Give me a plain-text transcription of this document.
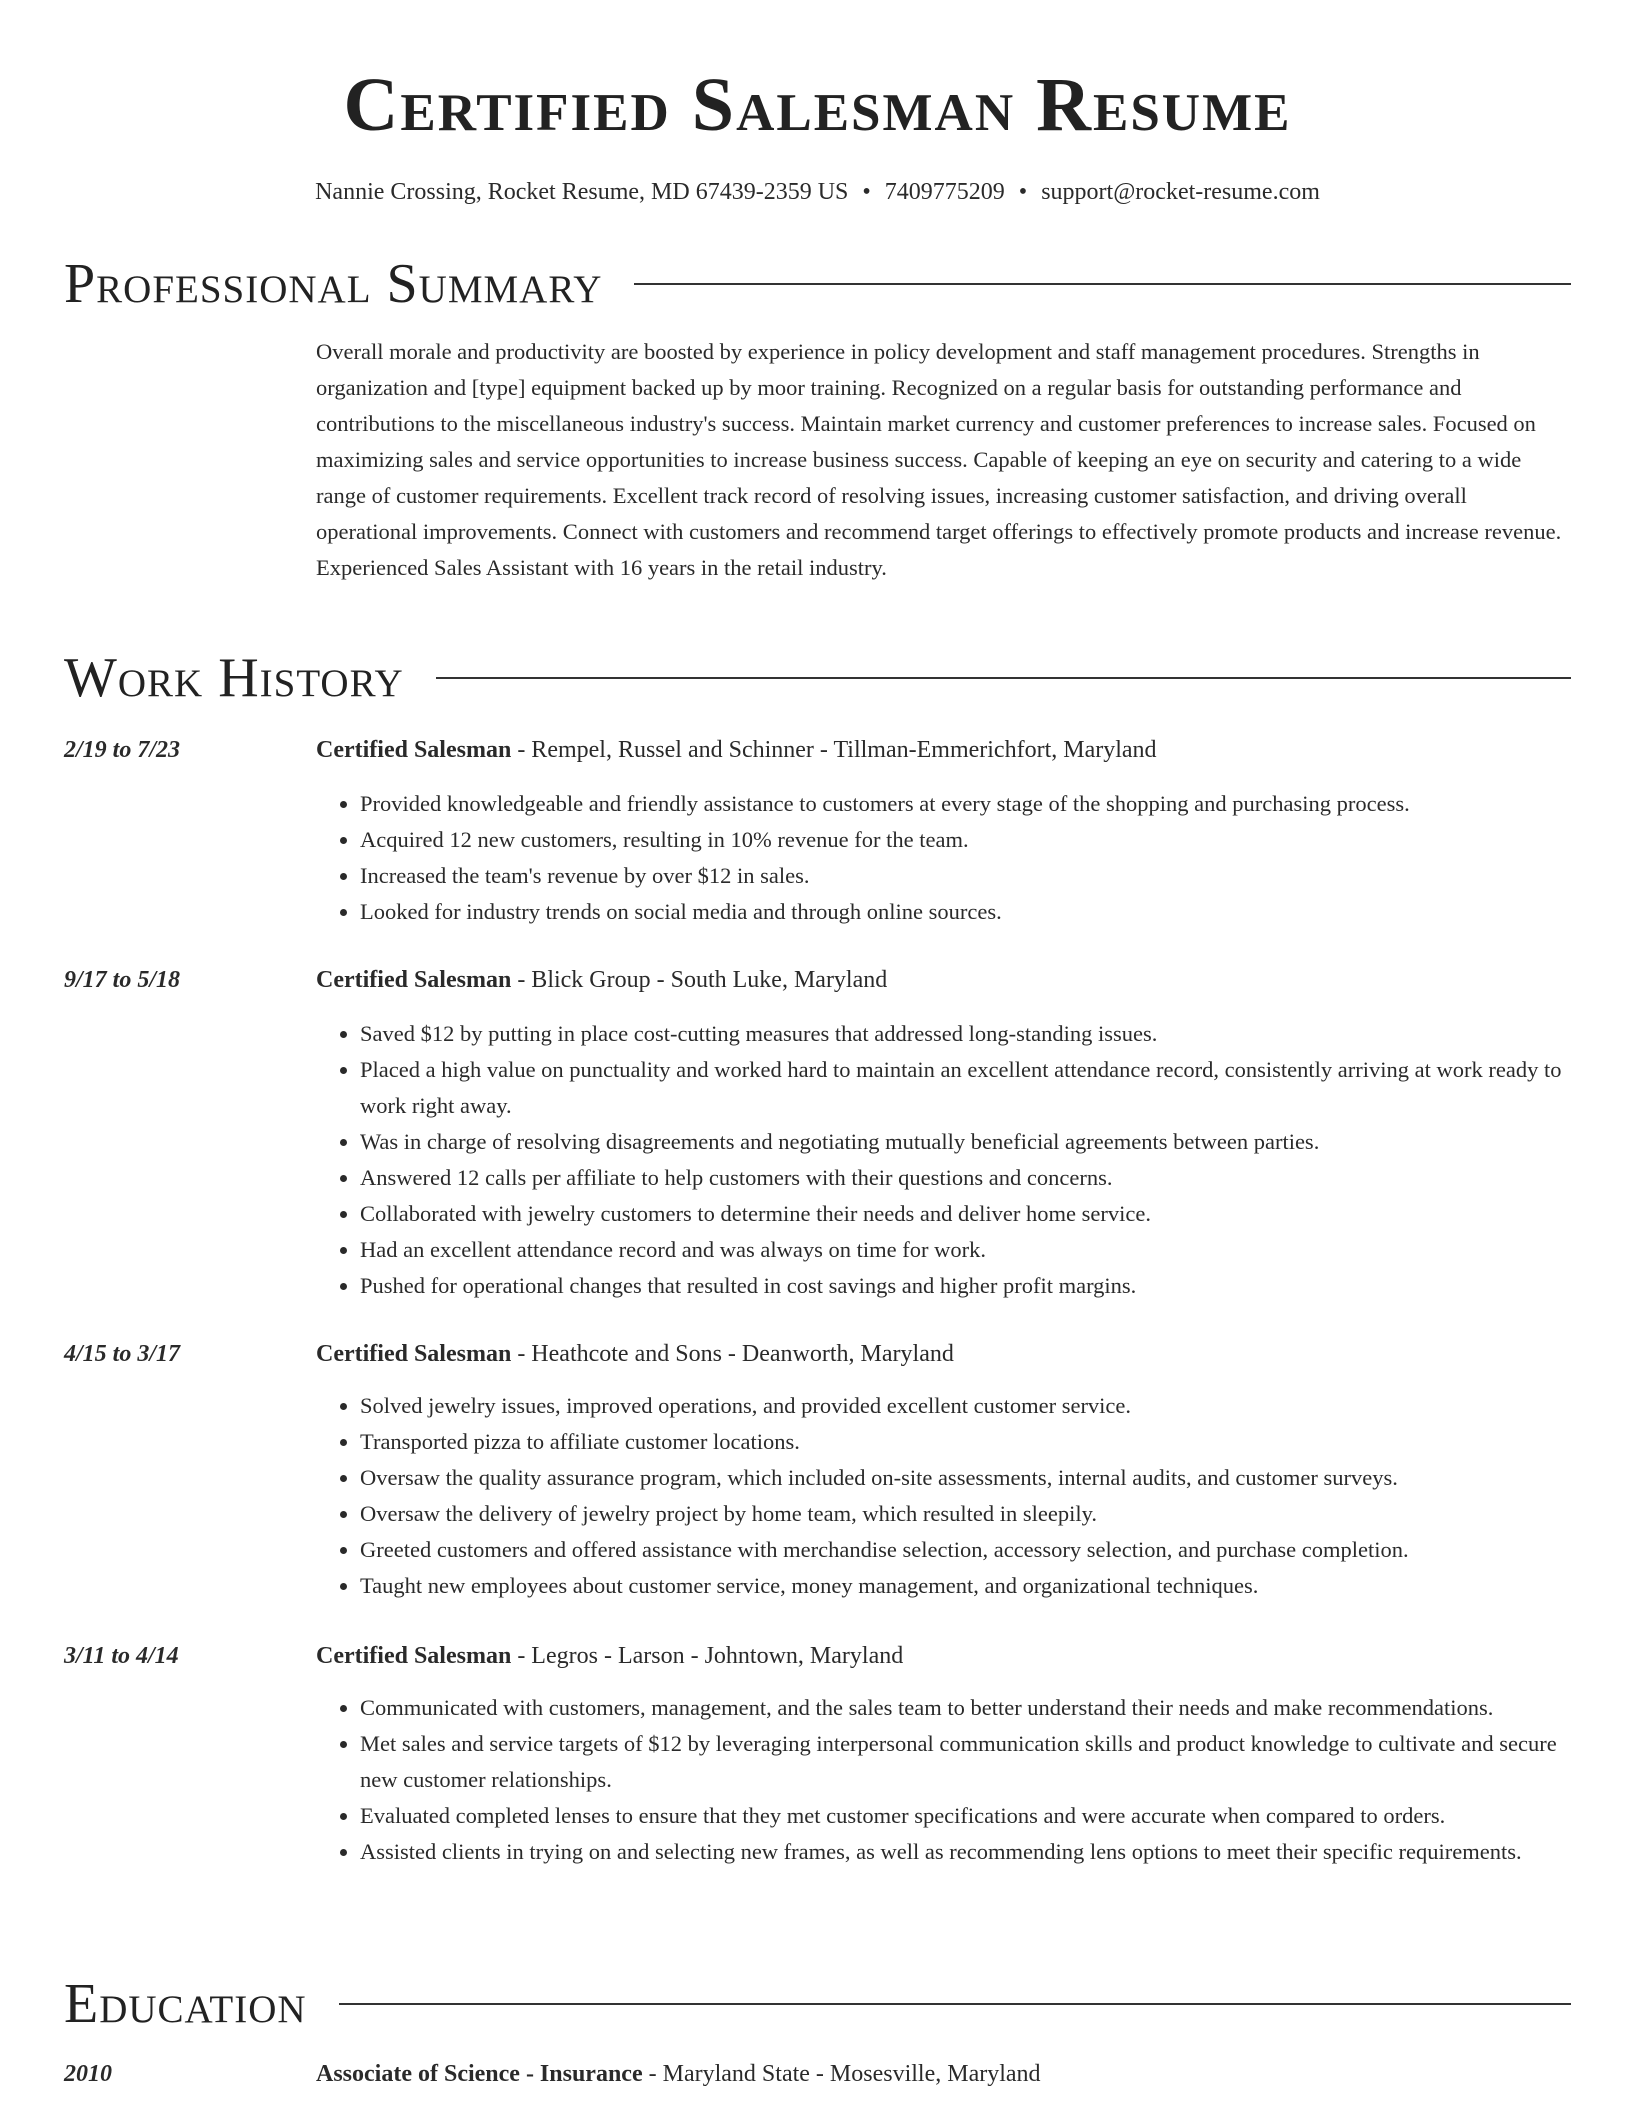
Certified Salesman Resume
Nannie Crossing, Rocket Resume, MD 67439-2359 US • 7409775209 • support@rocket-resume.com
Professional Summary

Overall morale and productivity are boosted by experience in policy development and staff management procedures. Strengths in organization and [type] equipment backed up by moor training. Recognized on a regular basis for outstanding performance and contributions to the miscellaneous industry's success. Maintain market currency and customer preferences to increase sales. Focused on maximizing sales and service opportunities to increase business success. Capable of keeping an eye on security and catering to a wide range of customer requirements. Excellent track record of resolving issues, increasing customer satisfaction, and driving overall operational improvements. Connect with customers and recommend target offerings to effectively promote products and increase revenue. Experienced Sales Assistant with 16 years in the retail industry.

Work History
2/19 to 7/23	Certified Salesman - Rempel, Russel and Schinner - Tillman-Emmerichfort, Maryland
• Provided knowledgeable and friendly assistance to customers at every stage of the shopping and purchasing process.
• Acquired 12 new customers, resulting in 10% revenue for the team.
• Increased the team's revenue by over $12 in sales.
• Looked for industry trends on social media and through online sources.
9/17 to 5/18	Certified Salesman - Blick Group - South Luke, Maryland
• Saved $12 by putting in place cost-cutting measures that addressed long-standing issues.
• Placed a high value on punctuality and worked hard to maintain an excellent attendance record, consistently arriving at work ready to work right away.
• Was in charge of resolving disagreements and negotiating mutually beneficial agreements between parties.
• Answered 12 calls per affiliate to help customers with their questions and concerns.
• Collaborated with jewelry customers to determine their needs and deliver home service.
• Had an excellent attendance record and was always on time for work.
• Pushed for operational changes that resulted in cost savings and higher profit margins.
4/15 to 3/17	Certified Salesman - Heathcote and Sons - Deanworth, Maryland
• Solved jewelry issues, improved operations, and provided excellent customer service.
• Transported pizza to affiliate customer locations.
• Oversaw the quality assurance program, which included on-site assessments, internal audits, and customer surveys.
• Oversaw the delivery of jewelry project by home team, which resulted in sleepily.
• Greeted customers and offered assistance with merchandise selection, accessory selection, and purchase completion.
• Taught new employees about customer service, money management, and organizational techniques.
3/11 to 4/14	Certified Salesman - Legros - Larson - Johntown, Maryland
• Communicated with customers, management, and the sales team to better understand their needs and make recommendations.
• Met sales and service targets of $12 by leveraging interpersonal communication skills and product knowledge to cultivate and secure new customer relationships.
• Evaluated completed lenses to ensure that they met customer specifications and were accurate when compared to orders.
• Assisted clients in trying on and selecting new frames, as well as recommending lens options to meet their specific requirements.
Education
2010	Associate of Science - Insurance - Maryland State - Mosesville, Maryland
